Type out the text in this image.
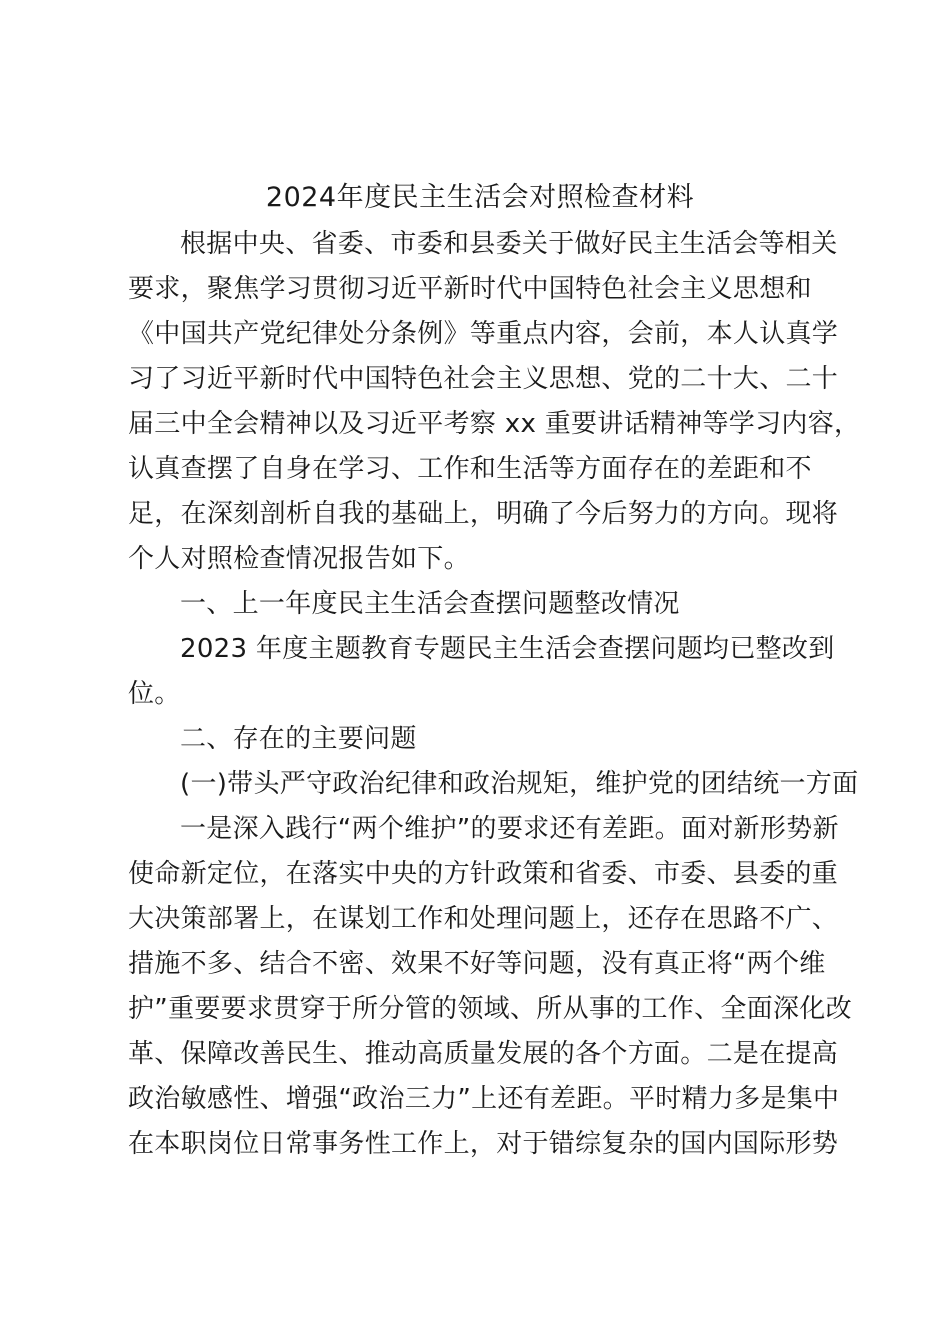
2024年度民主生活会对照检查材料
根据中央、省委、市委和县委关于做好民主生活会等相关
要求，聚焦学习贯彻习近平新时代中国特色社会主义思想和
《中国共产党纪律处分条例》等重点内容，会前，本人认真学
习了习近平新时代中国特色社会主义思想、党的二十大、二十
届三中全会精神以及习近平考察 xx 重要讲话精神等学习内容，
认真查摆了自身在学习、工作和生活等方面存在的差距和不
足，在深刻剖析自我的基础上，明确了今后努力的方向。现将
个人对照检查情况报告如下。
一、上一年度民主生活会查摆问题整改情况
2023 年度主题教育专题民主生活会查摆问题均已整改到
位。
二、存在的主要问题
(一)带头严守政治纪律和政治规矩，维护党的团结统一方面
一是深入践行“两个维护”的要求还有差距。面对新形势新
使命新定位，在落实中央的方针政策和省委、市委、县委的重
大决策部署上，在谋划工作和处理问题上，还存在思路不广、
措施不多、结合不密、效果不好等问题，没有真正将“两个维
护”重要要求贯穿于所分管的领域、所从事的工作、全面深化改
革、保障改善民生、推动高质量发展的各个方面。二是在提高
政治敏感性、增强“政治三力”上还有差距。平时精力多是集中
在本职岗位日常事务性工作上，对于错综复杂的国内国际形势
